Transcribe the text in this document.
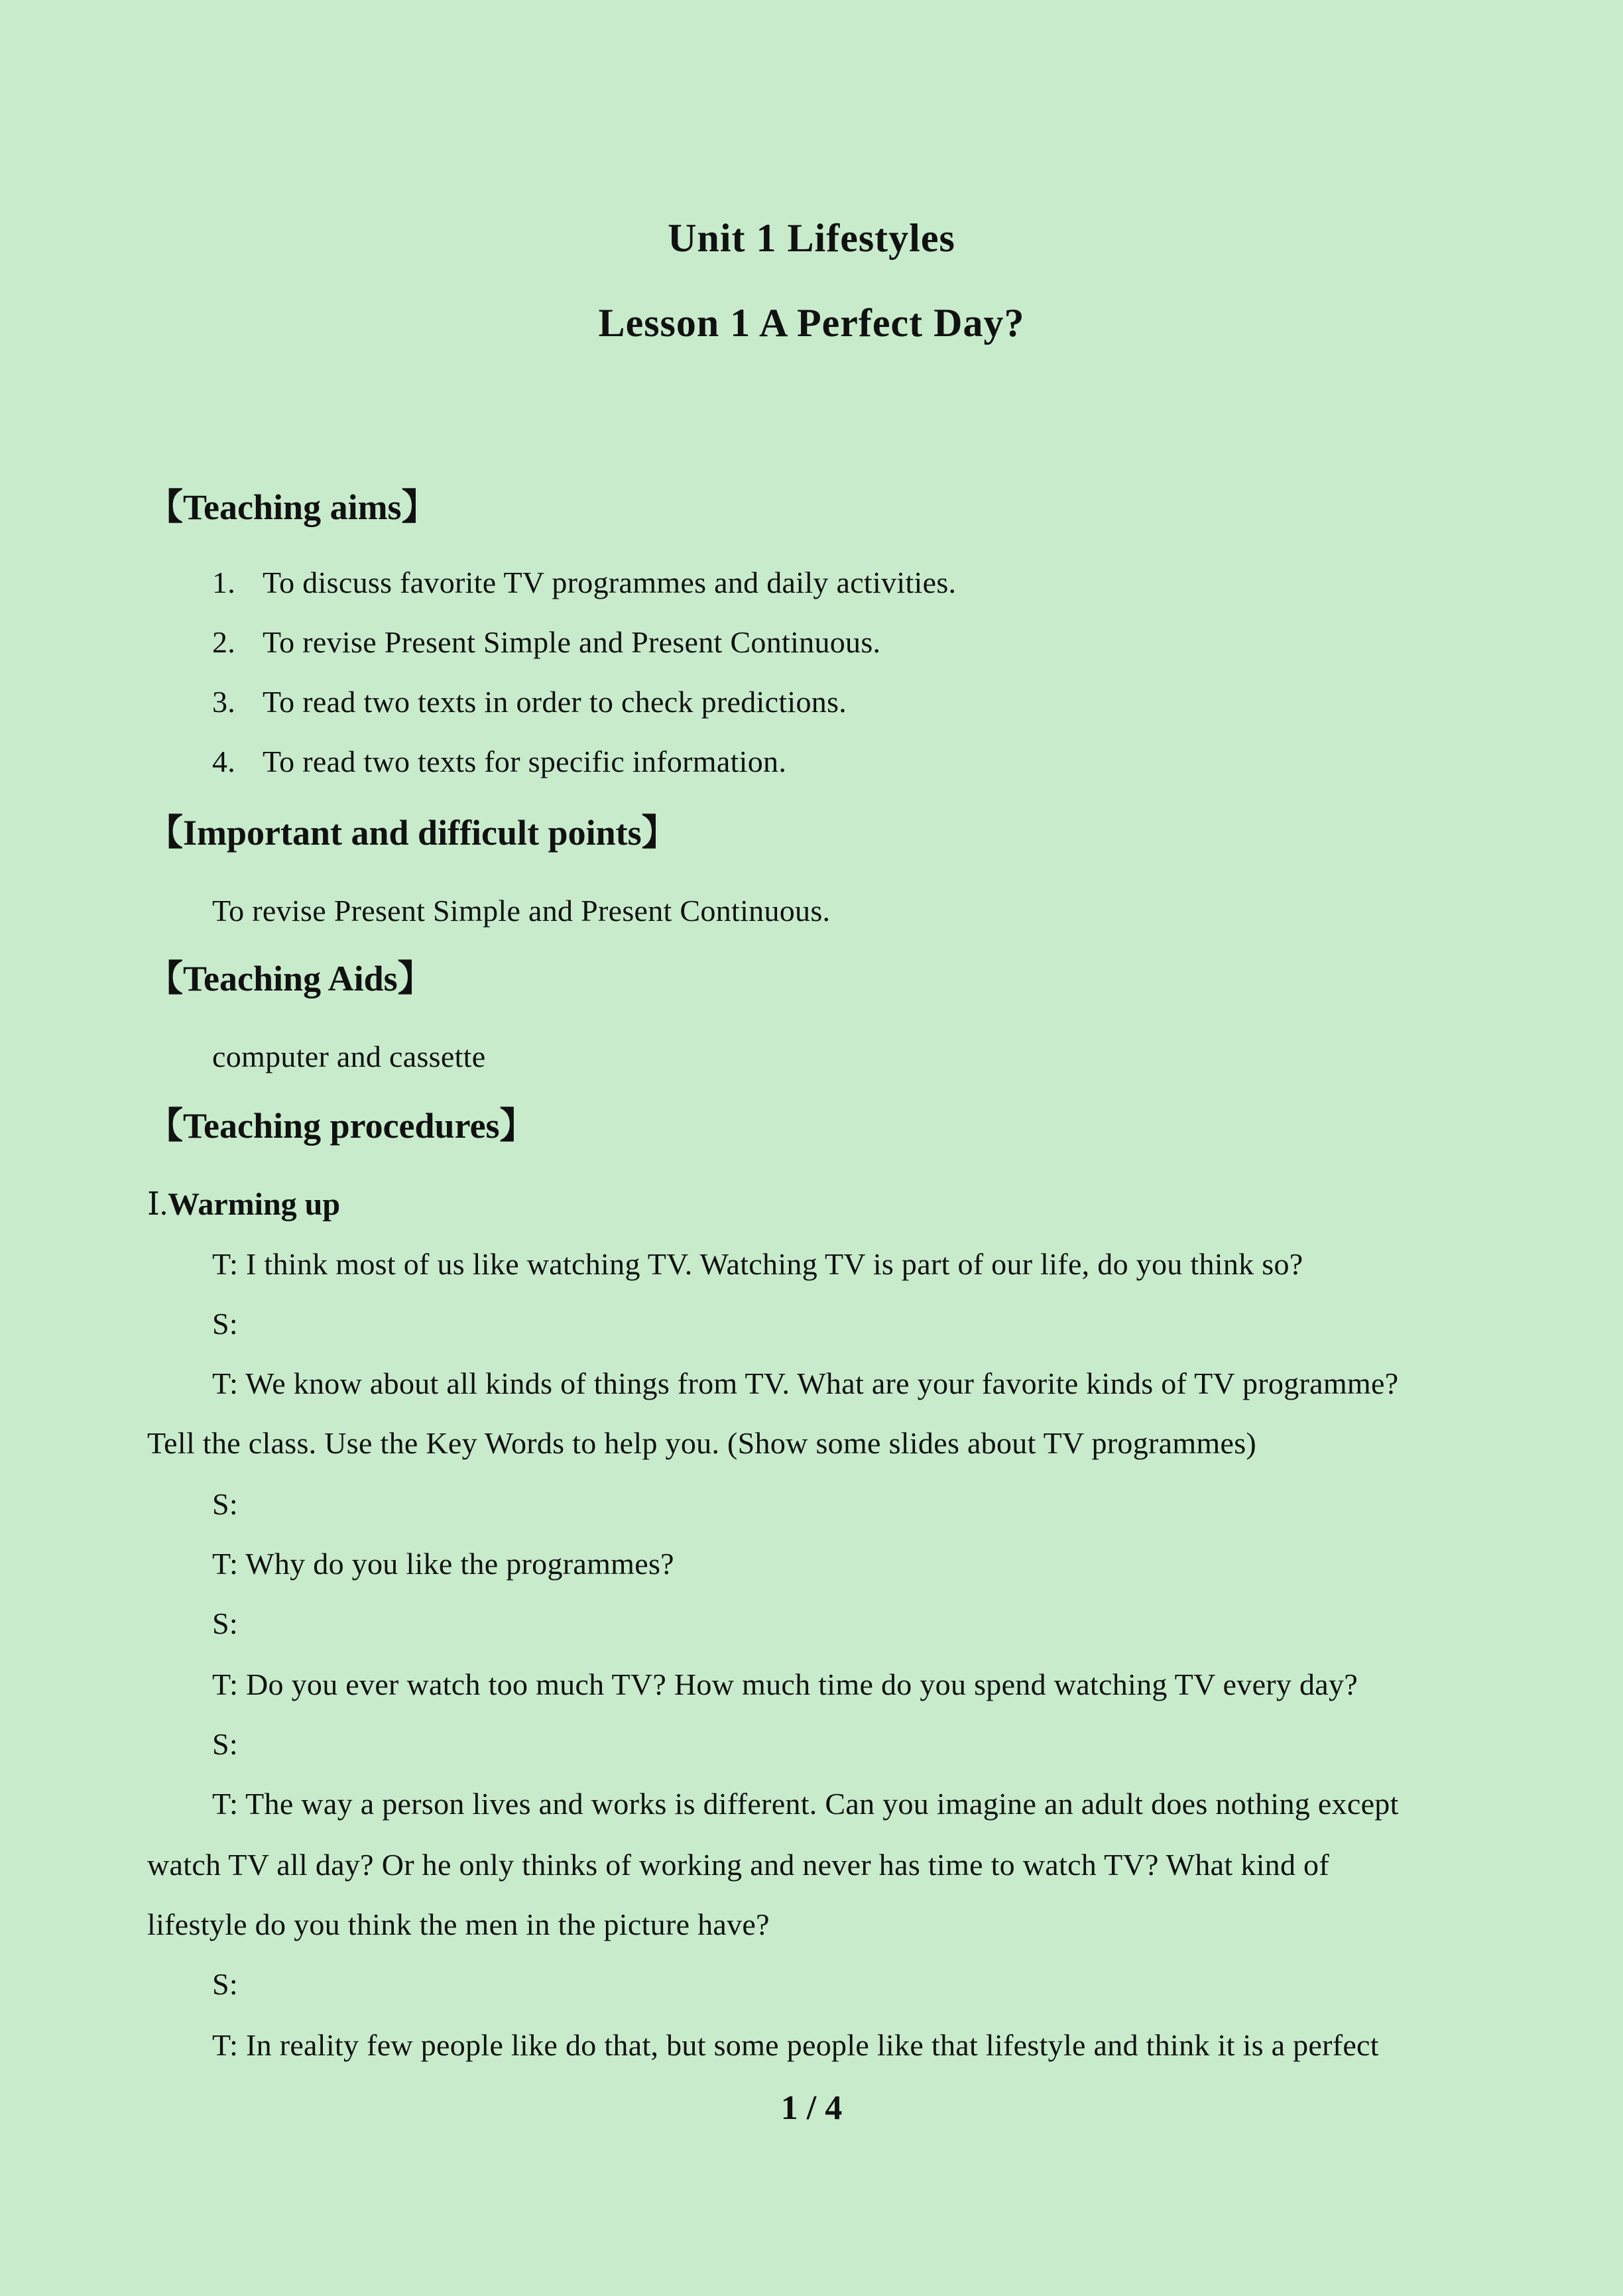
Unit 1 Lifestyles
Lesson 1 A Perfect Day?
【Teaching aims】
1. To discuss favorite TV programmes and daily activities.
2. To revise Present Simple and Present Continuous.
3. To read two texts in order to check predictions.
4. To read two texts for specific information.
【Important and difficult points】
To revise Present Simple and Present Continuous.
【Teaching Aids】
computer and cassette
【Teaching procedures】
Ⅰ.Warming up
T: I think most of us like watching TV. Watching TV is part of our life, do you think so?
S:
T: We know about all kinds of things from TV. What are your favorite kinds of TV programme?
Tell the class. Use the Key Words to help you. (Show some slides about TV programmes)
S:
T: Why do you like the programmes?
S:
T: Do you ever watch too much TV? How much time do you spend watching TV every day?
S:
T: The way a person lives and works is different. Can you imagine an adult does nothing except
watch TV all day? Or he only thinks of working and never has time to watch TV? What kind of
lifestyle do you think the men in the picture have?
S:
T: In reality few people like do that, but some people like that lifestyle and think it is a perfect
1 / 4
